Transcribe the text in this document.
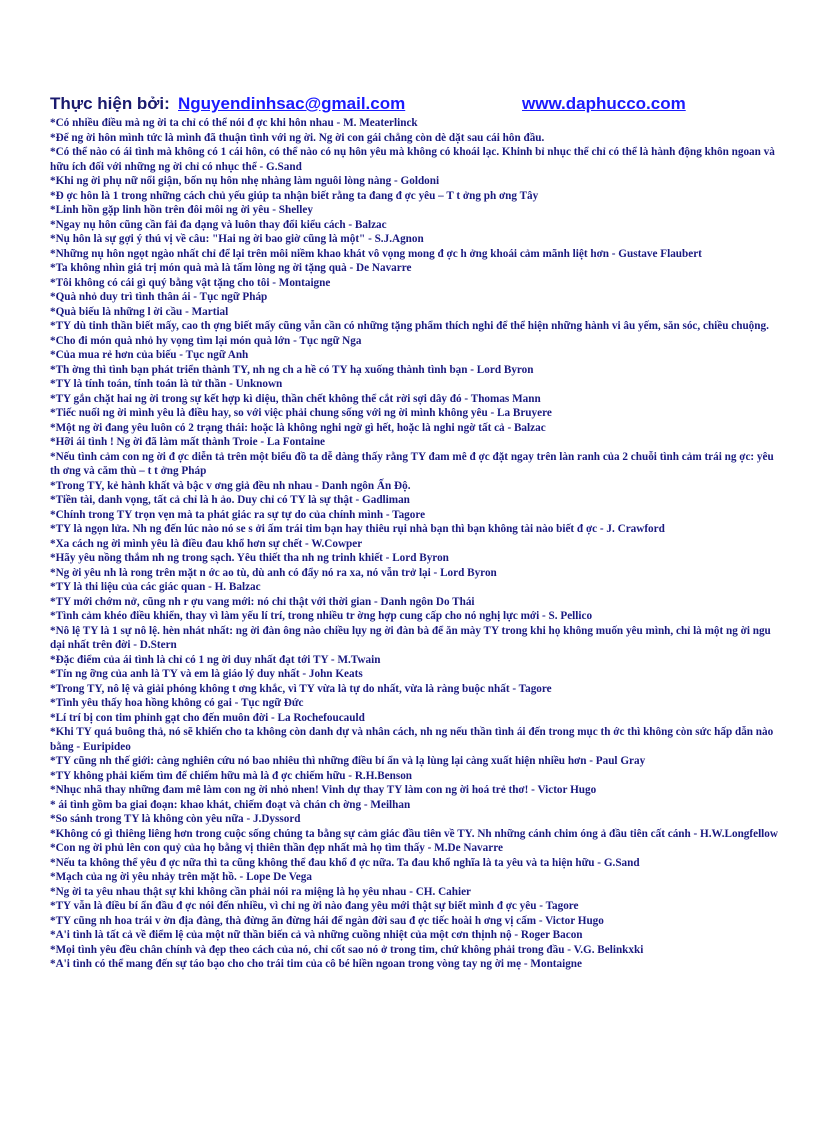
Thực hiện bởi: Nguyendinhsac@gmail.com	www.daphucco.com
*Có nhiều điều mà ng ời ta chỉ có thể nói đ ợc khi hôn nhau - M. Meaterlinck
*Để ng ời hôn mình tức là mình đã thuận tình với ng ời. Ng ời con gái chẳng còn dè dặt sau cái hôn đầu.
*Có thể nào có ái tình mà không có 1 cái hôn, có thể nào có nụ hôn yêu mà không có khoái lạc. Khinh bỉ nhục thể chỉ có thể là hành động khôn ngoan và hữu ích đối với những ng ời chỉ có nhục thể - G.Sand
*Khi ng ời phụ nữ nổi giận, bốn nụ hôn nhẹ nhàng làm nguôi lòng nàng - Goldoni
*Đ ợc hôn là 1 trong những cách chủ yếu giúp ta nhận biết rằng ta đang đ ợc yêu – T t ởng ph ơng Tây
*Linh hồn gặp linh hồn trên đôi môi ng ời yêu - Shelley
*Ngay nụ hôn cũng cần fải đa dạng và luôn thay đổi kiểu cách - Balzac
*Nụ hôn là sự gợi ý thú vị về câu: "Hai ng ời bao giờ cũng là một" - S.J.Agnon
*Những nụ hôn ngọt ngào nhất chỉ để lại trên môi niềm khao khát vô vọng mong đ ợc h ởng khoái cảm mãnh liệt hơn - Gustave Flaubert
*Ta không nhìn giá trị món quà mà là tấm lòng ng ời tặng quà - De Navarre
*Tôi không có cái gì quý bằng vật tặng cho tôi - Montaigne
*Quà nhỏ duy trì tình thân ái - Tục ngữ Pháp
*Quà biếu là những l ời cầu - Martial
*TY dù tinh thần biết mấy, cao th ợng biết mấy cũng vẫn cần có những tặng phẩm thích nghi để thể hiện những hành vi âu yếm, săn sóc, chiều chuộng.
*Cho đi món quà nhỏ hy vọng tìm lại món quà lớn - Tục ngữ Nga
*Của mua rẻ hơn của biếu - Tục ngữ Anh
*Th ờng thì tình bạn phát triển thành TY, nh ng ch a hề có TY hạ xuống thành tình bạn - Lord Byron
*TY là tính toán, tính toán là tử thần - Unknown
*TY gắn chặt hai ng ời trong sự kết hợp kì diệu, thần chết không thể cắt rời sợi dây đó - Thomas Mann
*Tiếc nuối ng ời mình yêu là điều hay, so với việc phải chung sống với ng ời mình không yêu - La Bruyere
*Một ng ời đang yêu luôn có 2 trạng thái: hoặc là không nghi ngờ gì hết, hoặc là nghi ngờ tất cả - Balzac
*Hỡi ái tình ! Ng ời đã làm mất thành Troie - La Fontaine
*Nếu tình cảm con ng ời đ ợc diễn tả trên một biểu đồ ta dễ dàng thấy rằng TY đam mê đ ợc đặt ngay trên làn ranh của 2 chuỗi tình cảm trái ng ợc: yêu th ơng và căm thù – t t ởng Pháp
*Trong TY, kẻ hành khất và bậc v ơng giả đều nh nhau - Danh ngôn Ấn Độ.
*Tiền tài, danh vọng, tất cả chỉ là h ảo. Duy chỉ có TY là sự thật - Gadliman
*Chính trong TY trọn vẹn mà ta phát giác ra sự tự do của chính mình - Tagore
*TY là ngọn lửa. Nh ng đến lúc nào nó se s ởi ấm trái tim bạn hay thiêu rụi nhà bạn thì bạn không tài nào biết đ ợc - J. Crawford
*Xa cách ng ời mình yêu là điều đau khổ hơn sự chết - W.Cowper
*Hãy yêu nồng thắm nh ng trong sạch. Yêu thiết tha nh ng trinh khiết - Lord Byron
*Ng ời yêu nh là rong trên mặt n ớc ao tù, dù anh có đẩy nó ra xa, nó vẫn trở lại - Lord Byron
*TY là thi liệu của các giác quan - H. Balzac
*TY mới chớm nở, cũng nh r ợu vang mới: nó chỉ thật với thời gian - Danh ngôn Do Thái
*Tình cảm khéo điều khiển, thay vì làm yếu lí trí, trong nhiều tr ờng hợp cung cấp cho nó nghị lực mới - S. Pellico
*Nô lệ TY là 1 sự nô lệ. hèn nhát nhất: ng ời đàn ông nào chiều lụy ng ời đàn bà để ăn mày TY trong khi họ không muốn yêu mình, chỉ là một ng ời ngu dại nhất trên đời - D.Stern
*Đặc điểm của ái tình là chỉ có 1 ng ời duy nhất đạt tới TY - M.Twain
*Tín ng ỡng của anh là TY và em là giáo lý duy nhất - John Keats
*Trong TY, nô lệ và giải phóng không t ơng khắc, vì TY vừa là tự do nhất, vừa là ràng buộc nhất - Tagore
*Tình yêu thấy hoa hồng không có gai - Tục ngữ Đức
*Lí trí bị con tim phỉnh gạt cho đến muôn đời - La Rochefoucauld
*Khi TY quá buông thả, nó sẽ khiến cho ta không còn danh dự và nhân cách, nh ng nếu thần tình ái đến trong mục th ớc thì không còn sức hấp dẫn nào bằng - Euripideo
*TY cũng nh thế giới: càng nghiên cứu nó bao nhiêu thì những điều bí ẩn và lạ lùng lại càng xuất hiện nhiều hơn - Paul Gray
*TY không phải kiếm tìm để chiếm hữu mà là đ ợc chiếm hữu - R.H.Benson
*Nhục nhã thay những đam mê làm con ng ời nhỏ nhen! Vinh dự thay TY làm con ng ời hoá trẻ thơ! - Victor Hugo
* ái tình gồm ba giai đoạn: khao khát, chiếm đoạt và chán ch ờng - Meilhan
*So sánh trong TY là không còn yêu nữa - J.Dyssord
*Không có gì thiêng liêng hơn trong cuộc sống chúng ta bằng sự cảm giác đầu tiên về TY. Nh những cánh chim óng ả đầu tiên cất cánh - H.W.Longfellow
*Con ng ời phủ lên con quỷ của họ bằng vị thiên thần đẹp nhất mà họ tìm thấy - M.De Navarre
*Nếu ta không thể yêu đ ợc nữa thì ta cũng không thể đau khổ đ ợc nữa. Ta đau khổ nghĩa là ta yêu và ta hiện hữu - G.Sand
*Mạch của ng ời yêu nhảy trên mặt hồ. - Lope De Vega
*Ng ời ta yêu nhau thật sự khi không cần phải nói ra miệng là họ yêu nhau - CH. Cahier
*TY vẫn là điều bí ẩn đầu đ ợc nói đến nhiều, vì chỉ ng ời nào đang yêu mới thật sự biết mình đ ợc yêu - Tagore
*TY cũng nh hoa trái v ờn địa đàng, thà đừng ăn đừng hái để ngàn đời sau đ ợc tiếc hoài h ơng vị cấm - Victor Hugo
*A'i tình là tất cả về điểm lệ của một nữ thần biến cả và những cuồng nhiệt của một cơn thịnh nộ - Roger Bacon
*Mọi tình yêu đều chân chính và đẹp theo cách của nó, chỉ cốt sao nó ở trong tim, chứ không phải trong đầu - V.G. Belinkxki
*A'i tình có thể mang đến sự táo bạo cho cho trái tim của cô bé hiền ngoan trong vòng tay ng ời mẹ - Montaigne
